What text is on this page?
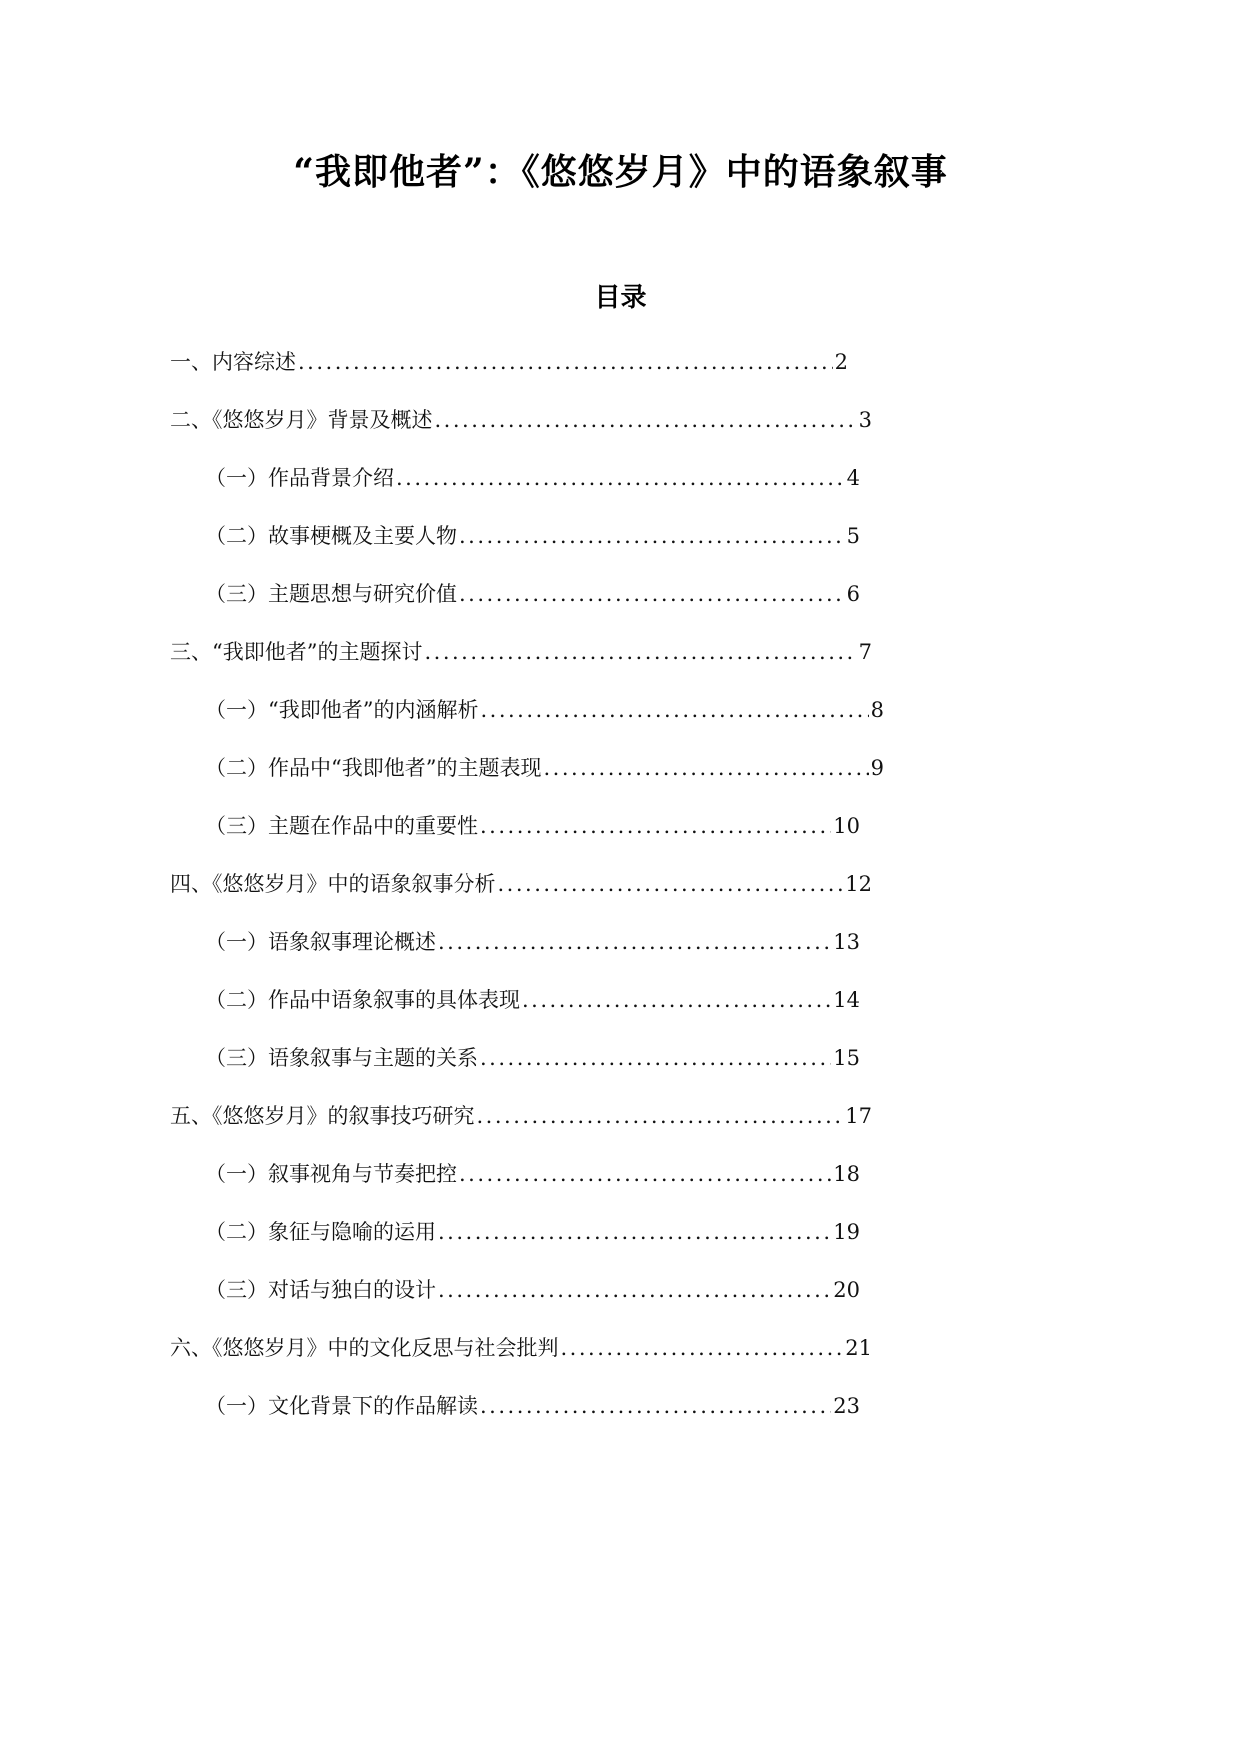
“我即他者”：《悠悠岁月》中的语象叙事
目录
一、内容综述 .....	2
二、《悠悠岁月》背景及概述 .....	3
（一）作品背景介绍 .....	4
（二）故事梗概及主要人物 .....	5
（三）主题思想与研究价值 .....	6
三、“我即他者”的主题探讨 .....	7
（一）“我即他者”的内涵解析 .....	8
（二）作品中“我即他者”的主题表现 .....	9
（三）主题在作品中的重要性 .....	10
四、《悠悠岁月》中的语象叙事分析 .....	12
（一）语象叙事理论概述 .....	13
（二）作品中语象叙事的具体表现 .....	14
（三）语象叙事与主题的关系 .....	15
五、《悠悠岁月》的叙事技巧研究 .....	17
（一）叙事视角与节奏把控 .....	18
（二）象征与隐喻的运用 .....	19
（三）对话与独白的设计 .....	20
六、《悠悠岁月》中的文化反思与社会批判 .....	21
（一）文化背景下的作品解读 .....	23
